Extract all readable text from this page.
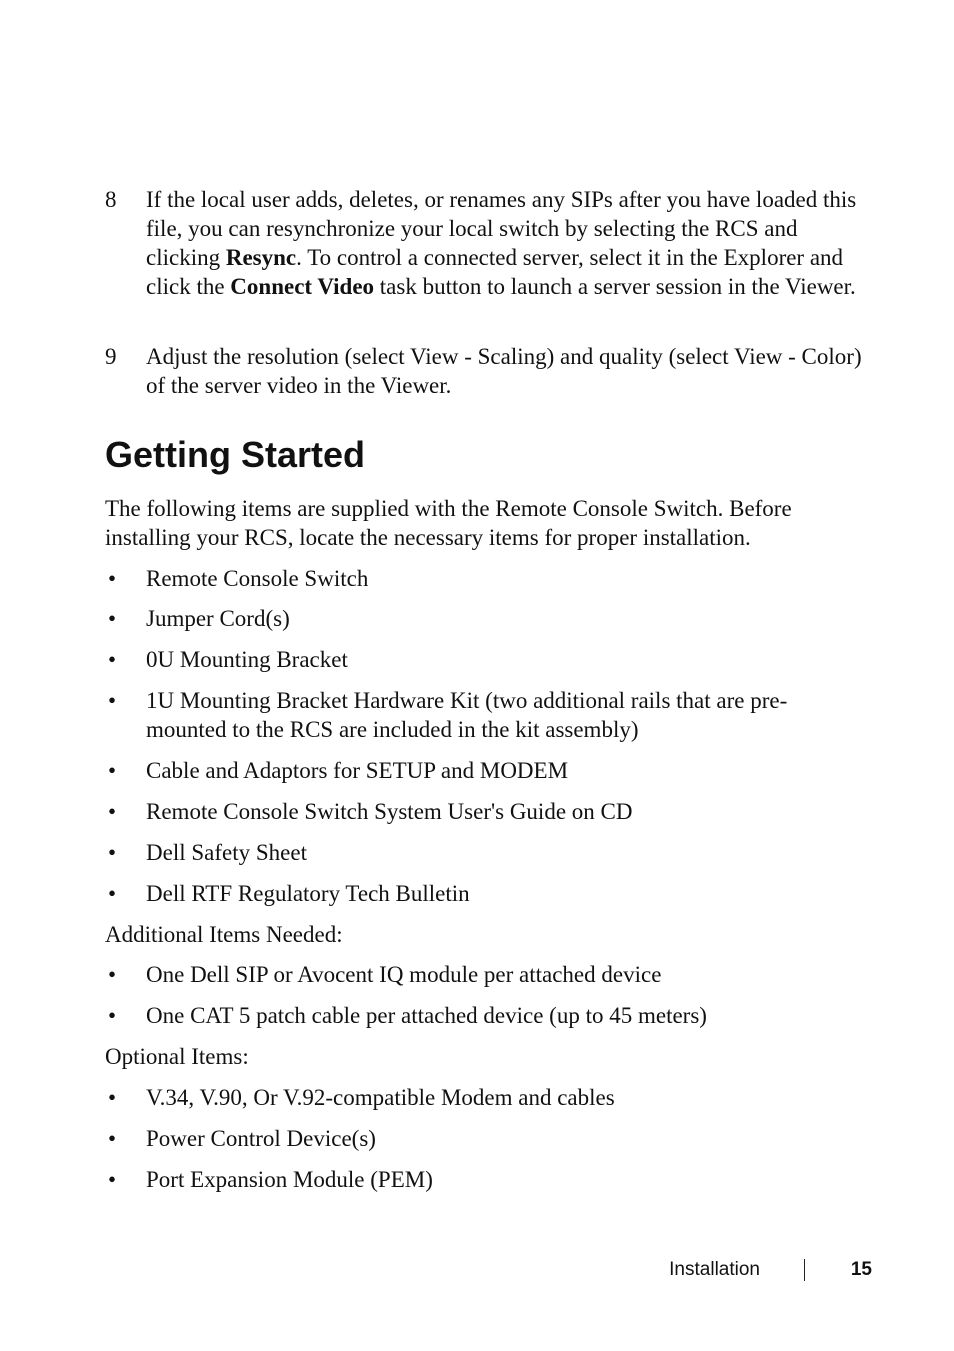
8	If the local user adds, deletes, or renames any SIPs after you have loaded this file, you can resynchronize your local switch by selecting the RCS and clicking Resync. To control a connected server, select it in the Explorer and click the Connect Video task button to launch a server session in the Viewer.
9	Adjust the resolution (select View - Scaling) and quality (select View - Color) of the server video in the Viewer.
Getting Started
The following items are supplied with the Remote Console Switch. Before installing your RCS, locate the necessary items for proper installation.
•	Remote Console Switch
•	Jumper Cord(s)
•	0U Mounting Bracket
•	1U Mounting Bracket Hardware Kit (two additional rails that are pre-mounted to the RCS are included in the kit assembly)
•	Cable and Adaptors for SETUP and MODEM
•	Remote Console Switch System User's Guide on CD
•	Dell Safety Sheet
•	Dell RTF Regulatory Tech Bulletin
Additional Items Needed:
•	One Dell SIP or Avocent IQ module per attached device
•	One CAT 5 patch cable per attached device (up to 45 meters)
Optional Items:
•	V.34, V.90, Or V.92-compatible Modem and cables
•	Power Control Device(s)
•	Port Expansion Module (PEM)
Installation	15
